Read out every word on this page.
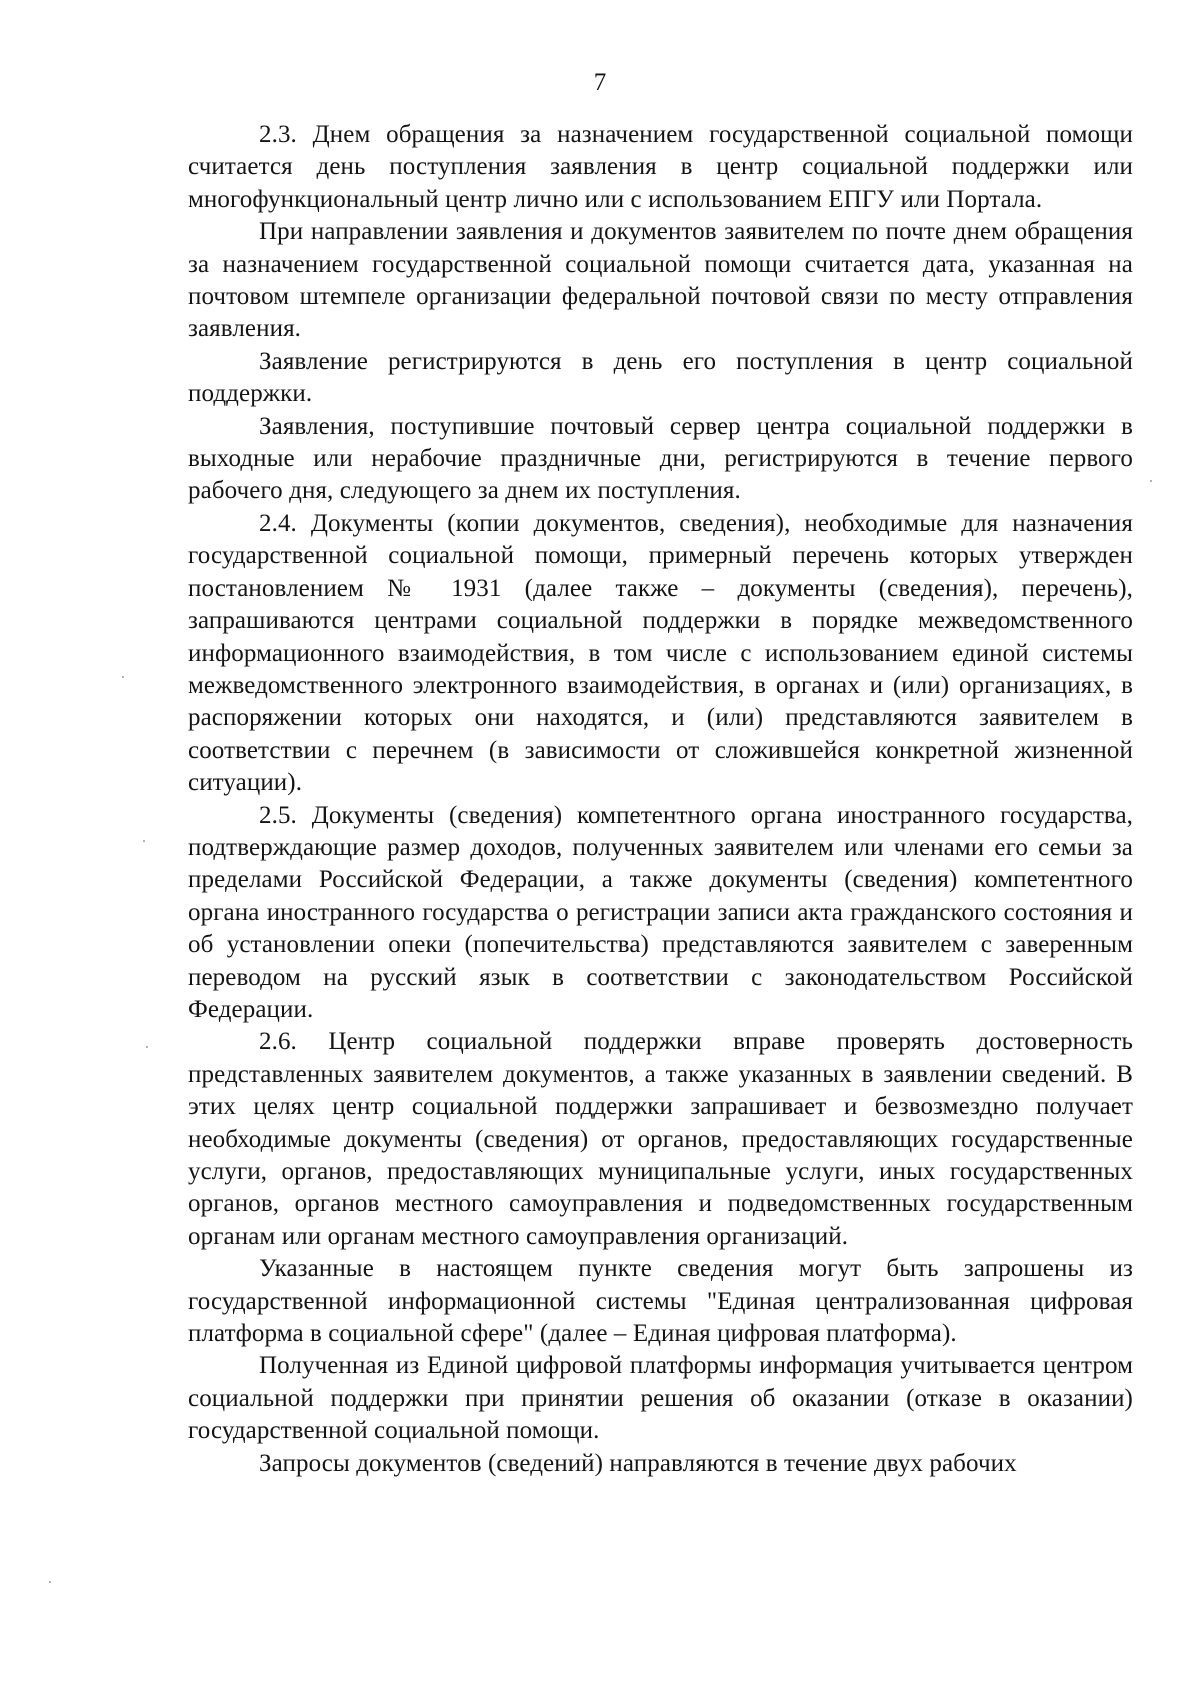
7

2.3. Днем обращения за назначением государственной социальной помощи считается день поступления заявления в центр социальной поддержки или многофункциональный центр лично или с использованием ЕПГУ или Портала.

При направлении заявления и документов заявителем по почте днем обращения за назначением государственной социальной помощи считается дата, указанная на почтовом штемпеле организации федеральной почтовой связи по месту отправления заявления.

Заявление регистрируются в день его поступления в центр социальной поддержки.

Заявления, поступившие почтовый сервер центра социальной поддержки в выходные или нерабочие праздничные дни, регистрируются в течение первого рабочего дня, следующего за днем их поступления.

2.4. Документы (копии документов, сведения), необходимые для назначения государственной социальной помощи, примерный перечень которых утвержден постановлением № 1931 (далее также – документы (сведения), перечень), запрашиваются центрами социальной поддержки в порядке межведомственного информационного взаимодействия, в том числе с использованием единой системы межведомственного электронного взаимодействия, в органах и (или) организациях, в распоряжении которых они находятся, и (или) представляются заявителем в соответствии с перечнем (в зависимости от сложившейся конкретной жизненной ситуации).

2.5. Документы (сведения) компетентного органа иностранного государства, подтверждающие размер доходов, полученных заявителем или членами его семьи за пределами Российской Федерации, а также документы (сведения) компетентного органа иностранного государства о регистрации записи акта гражданского состояния и об установлении опеки (попечительства) представляются заявителем с заверенным переводом на русский язык в соответствии с законодательством Российской Федерации.

2.6. Центр социальной поддержки вправе проверять достоверность представленных заявителем документов, а также указанных в заявлении сведений. В этих целях центр социальной поддержки запрашивает и безвозмездно получает необходимые документы (сведения) от органов, предоставляющих государственные услуги, органов, предоставляющих муниципальные услуги, иных государственных органов, органов местного самоуправления и подведомственных государственным органам или органам местного самоуправления организаций.

Указанные в настоящем пункте сведения могут быть запрошены из государственной информационной системы "Единая централизованная цифровая платформа в социальной сфере" (далее – Единая цифровая платформа).

Полученная из Единой цифровой платформы информация учитывается центром социальной поддержки при принятии решения об оказании (отказе в оказании) государственной социальной помощи.

Запросы документов (сведений) направляются в течение двух рабочих
